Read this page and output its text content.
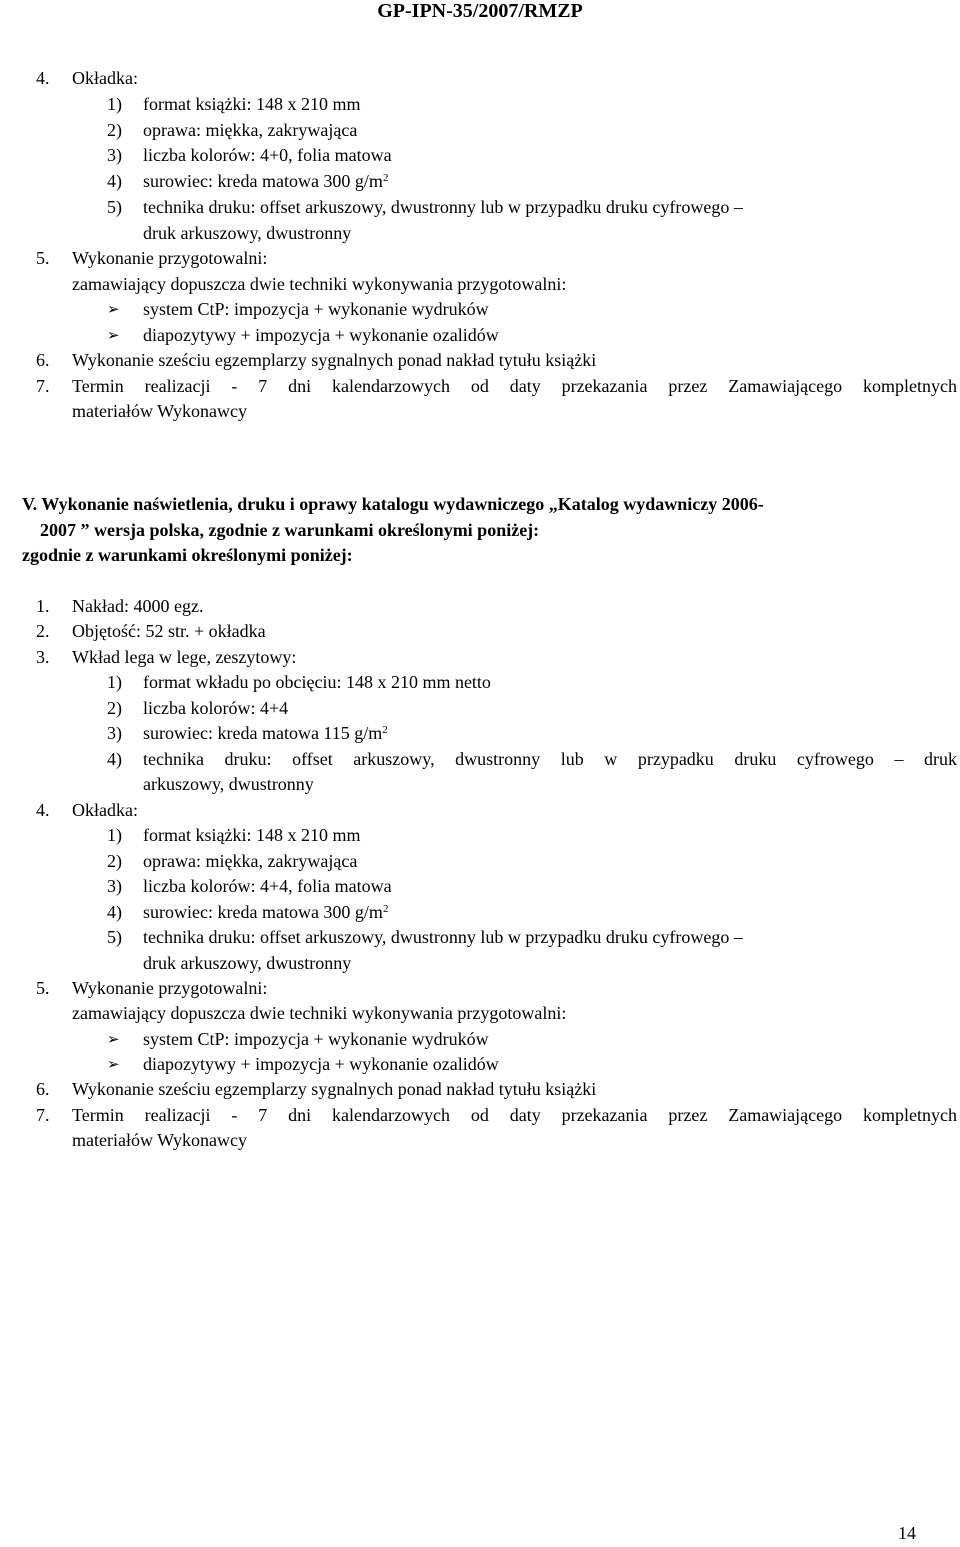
GP-IPN-35/2007/RMZP
4. Okładka:
1) format książki: 148 x 210 mm
2) oprawa: miękka, zakrywająca
3) liczba kolorów: 4+0, folia matowa
4) surowiec: kreda matowa 300 $g/m^2$
5) technika druku: offset arkuszowy, dwustronny lub w przypadku druku cyfrowego –
druk arkuszowy, dwustronny
5. Wykonanie przygotowalni:
zamawiający dopuszcza dwie techniki wykonywania przygotowalni:
➢ system CtP: impozycja + wykonanie wydruków
➢ diapozytywy + impozycja + wykonanie ozalidów
6. Wykonanie sześciu egzemplarzy sygnalnych ponad nakład tytułu książki
7. Termin realizacji - 7 dni kalendarzowych od daty przekazania przez Zamawiającego kompletnych
materiałów Wykonawcy
V. Wykonanie naświetlenia, druku i oprawy katalogu wydawniczego „Katalog wydawniczy 2006-
2007 ” wersja polska, zgodnie z warunkami określonymi poniżej:
zgodnie z warunkami określonymi poniżej:
1. Nakład: 4000 egz.
2. Objętość: 52 str. + okładka
3. Wkład lega w lege, zeszytowy:
1) format wkładu po obcięciu: 148 x 210 mm netto
2) liczba kolorów: 4+4
3) surowiec: kreda matowa 115 $g/m^2$
4) technika druku: offset arkuszowy, dwustronny lub w przypadku druku cyfrowego – druk
arkuszowy, dwustronny
4. Okładka:
1) format książki: 148 x 210 mm
2) oprawa: miękka, zakrywająca
3) liczba kolorów: 4+4, folia matowa
4) surowiec: kreda matowa 300 $g/m^2$
5) technika druku: offset arkuszowy, dwustronny lub w przypadku druku cyfrowego –
druk arkuszowy, dwustronny
5. Wykonanie przygotowalni:
zamawiający dopuszcza dwie techniki wykonywania przygotowalni:
➢ system CtP: impozycja + wykonanie wydruków
➢ diapozytywy + impozycja + wykonanie ozalidów
6. Wykonanie sześciu egzemplarzy sygnalnych ponad nakład tytułu książki
7. Termin realizacji - 7 dni kalendarzowych od daty przekazania przez Zamawiającego kompletnych
materiałów Wykonawcy
14
